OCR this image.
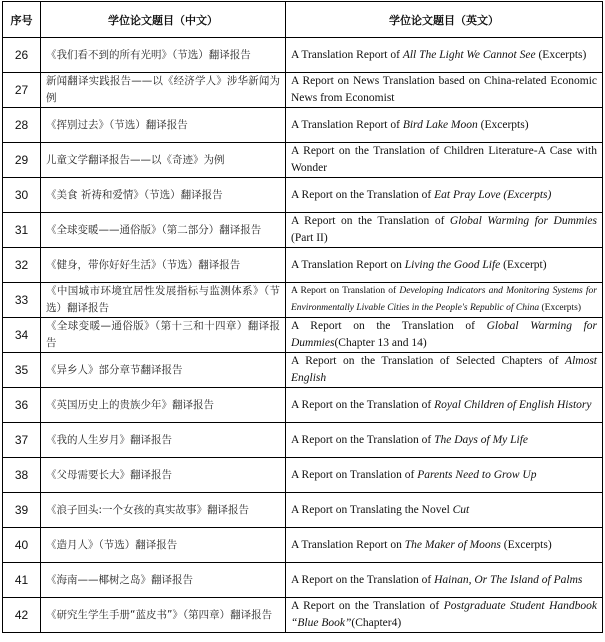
序号	学位论文题目（中文）	学位论文题目（英文）
26	《我们看不到的所有光明》（节选）翻译报告	A Translation Report of All The Light We Cannot See (Excerpts)
27	新闻翻译实践报告——以《经济学人》涉华新闻为例	A Report on News Translation based on China-related Economic News from Economist
28	《挥别过去》（节选）翻译报告	A Translation Report of Bird Lake Moon (Excerpts)
29	儿童文学翻译报告——以《奇迹》为例	A Report on the Translation of Children Literature-A Case with Wonder
30	《美食 祈祷和爱情》（节选）翻译报告	A Report on the Translation of Eat Pray Love (Excerpts)
31	《全球变暖——通俗版》（第二部分）翻译报告	A Report on the Translation of Global Warming for Dummies (Part II)
32	《健身，带你好好生活》（节选）翻译报告	A Translation Report on Living the Good Life (Excerpt)
33	《中国城市环境宜居性发展指标与监测体系》（节选）翻译报告	A Report on Translation of Developing Indicators and Monitoring Systems for Environmentally Livable Cities in the People's Republic of China (Excerpts)
34	《全球变暖—通俗版》（第十三和十四章）翻译报告	A Report on the Translation of Global Warming for Dummies(Chapter 13 and 14)
35	《异乡人》部分章节翻译报告	A Report on the Translation of Selected Chapters of Almost English
36	《英国历史上的贵族少年》翻译报告	A Report on the Translation of Royal Children of English History
37	《我的人生岁月》翻译报告	A Report on the Translation of The Days of My Life
38	《父母需要长大》翻译报告	A Report on Translation of Parents Need to Grow Up
39	《浪子回头:一个女孩的真实故事》翻译报告	A Report on Translating the Novel Cut
40	《造月人》（节选）翻译报告	A Translation Report on The Maker of Moons (Excerpts)
41	《海南——椰树之岛》翻译报告	A Report on the Translation of Hainan, Or The Island of Palms
42	《研究生学生手册“蓝皮书”》（第四章）翻译报告	A Report on the Translation of Postgraduate Student Handbook “Blue Book”(Chapter4)
